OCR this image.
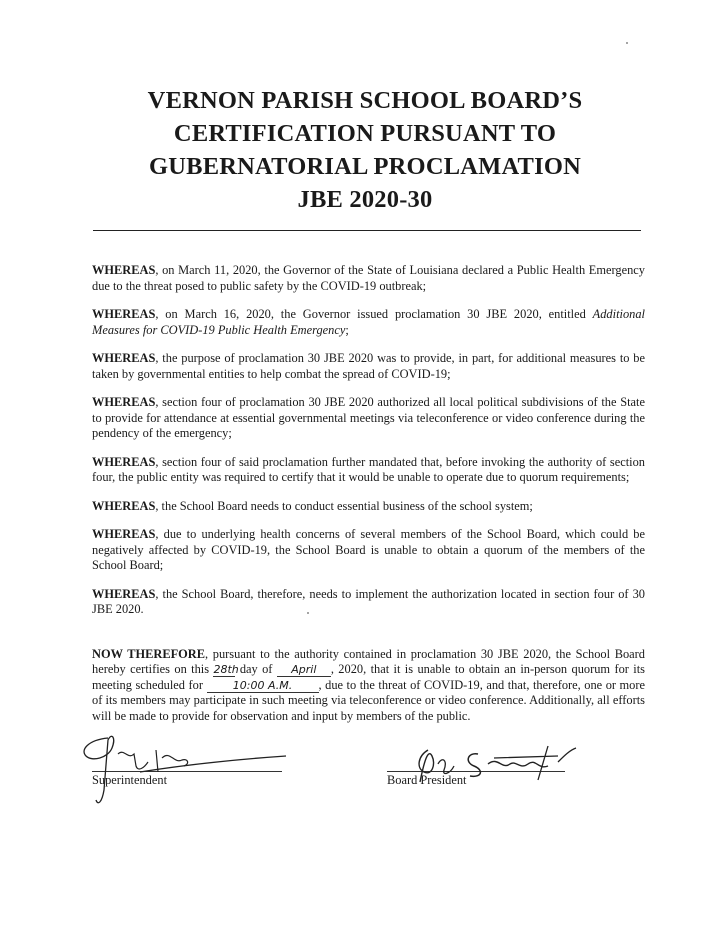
VERNON PARISH SCHOOL BOARD’S
CERTIFICATION PURSUANT TO
GUBERNATORIAL PROCLAMATION
JBE 2020-30

WHEREAS, on March 11, 2020, the Governor of the State of Louisiana declared a Public Health Emergency due to the threat posed to public safety by the COVID-19 outbreak;

WHEREAS, on March 16, 2020, the Governor issued proclamation 30 JBE 2020, entitled Additional Measures for COVID-19 Public Health Emergency;

WHEREAS, the purpose of proclamation 30 JBE 2020 was to provide, in part, for additional measures to be taken by governmental entities to help combat the spread of COVID-19;

WHEREAS, section four of proclamation 30 JBE 2020 authorized all local political subdivisions of the State to provide for attendance at essential governmental meetings via teleconference or video conference during the pendency of the emergency;

WHEREAS, section four of said proclamation further mandated that, before invoking the authority of section four, the public entity was required to certify that it would be unable to operate due to quorum requirements;

WHEREAS, the School Board needs to conduct essential business of the school system;

WHEREAS, due to underlying health concerns of several members of the School Board, which could be negatively affected by COVID-19, the School Board is unable to obtain a quorum of the members of the School Board;

WHEREAS, the School Board, therefore, needs to implement the authorization located in section four of 30 JBE 2020.

NOW THEREFORE, pursuant to the authority contained in proclamation 30 JBE 2020, the School Board hereby certifies on this 28th day of April , 2020, that it is unable to obtain an in-person quorum for its meeting scheduled for 10:00 A.M. , due to the threat of COVID-19, and that, therefore, one or more of its members may participate in such meeting via teleconference or video conference. Additionally, all efforts will be made to provide for observation and input by members of the public.

Superintendent	Board President
